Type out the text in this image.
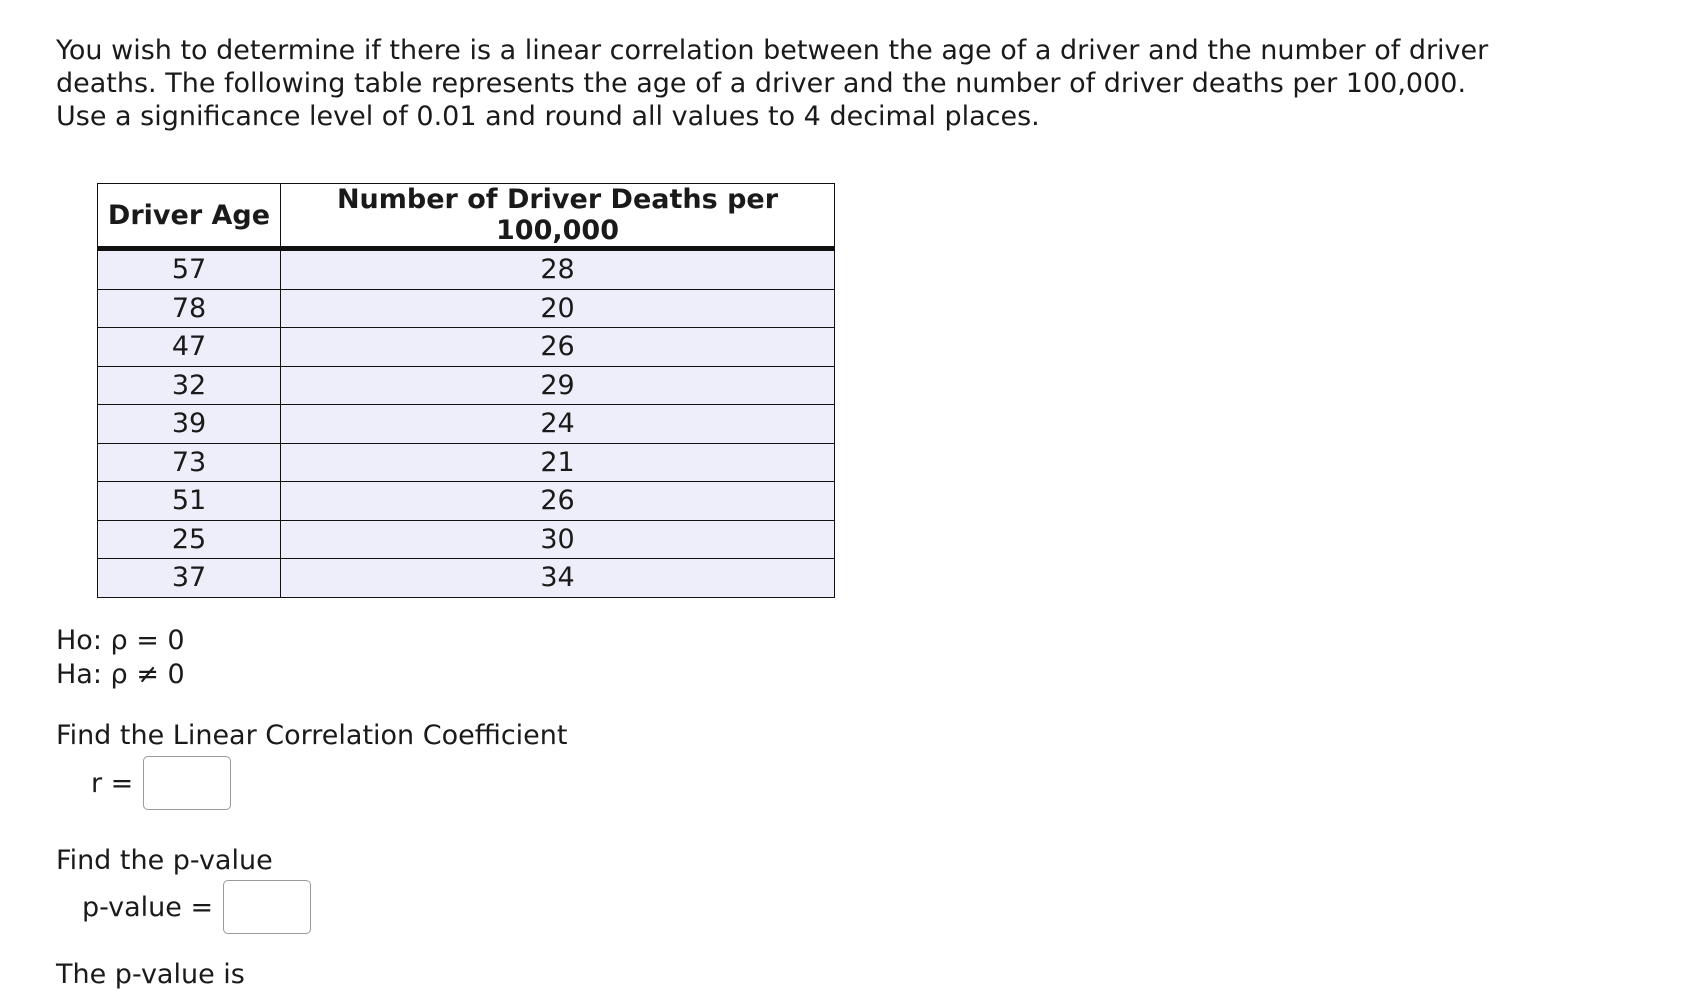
You wish to determine if there is a linear correlation between the age of a driver and the number of driver
deaths. The following table represents the age of a driver and the number of driver deaths per 100,000.
Use a significance level of 0.01 and round all values to 4 decimal places.

Driver Age	Number of Driver Deaths per 100,000
57	28
78	20
47	26
32	29
39	24
73	21
51	26
25	30
37	34
Ho: ρ = 0
Ha: ρ ≠ 0
Find the Linear Correlation Coefficient
r =
Find the p-value
p-value =
The p-value is
